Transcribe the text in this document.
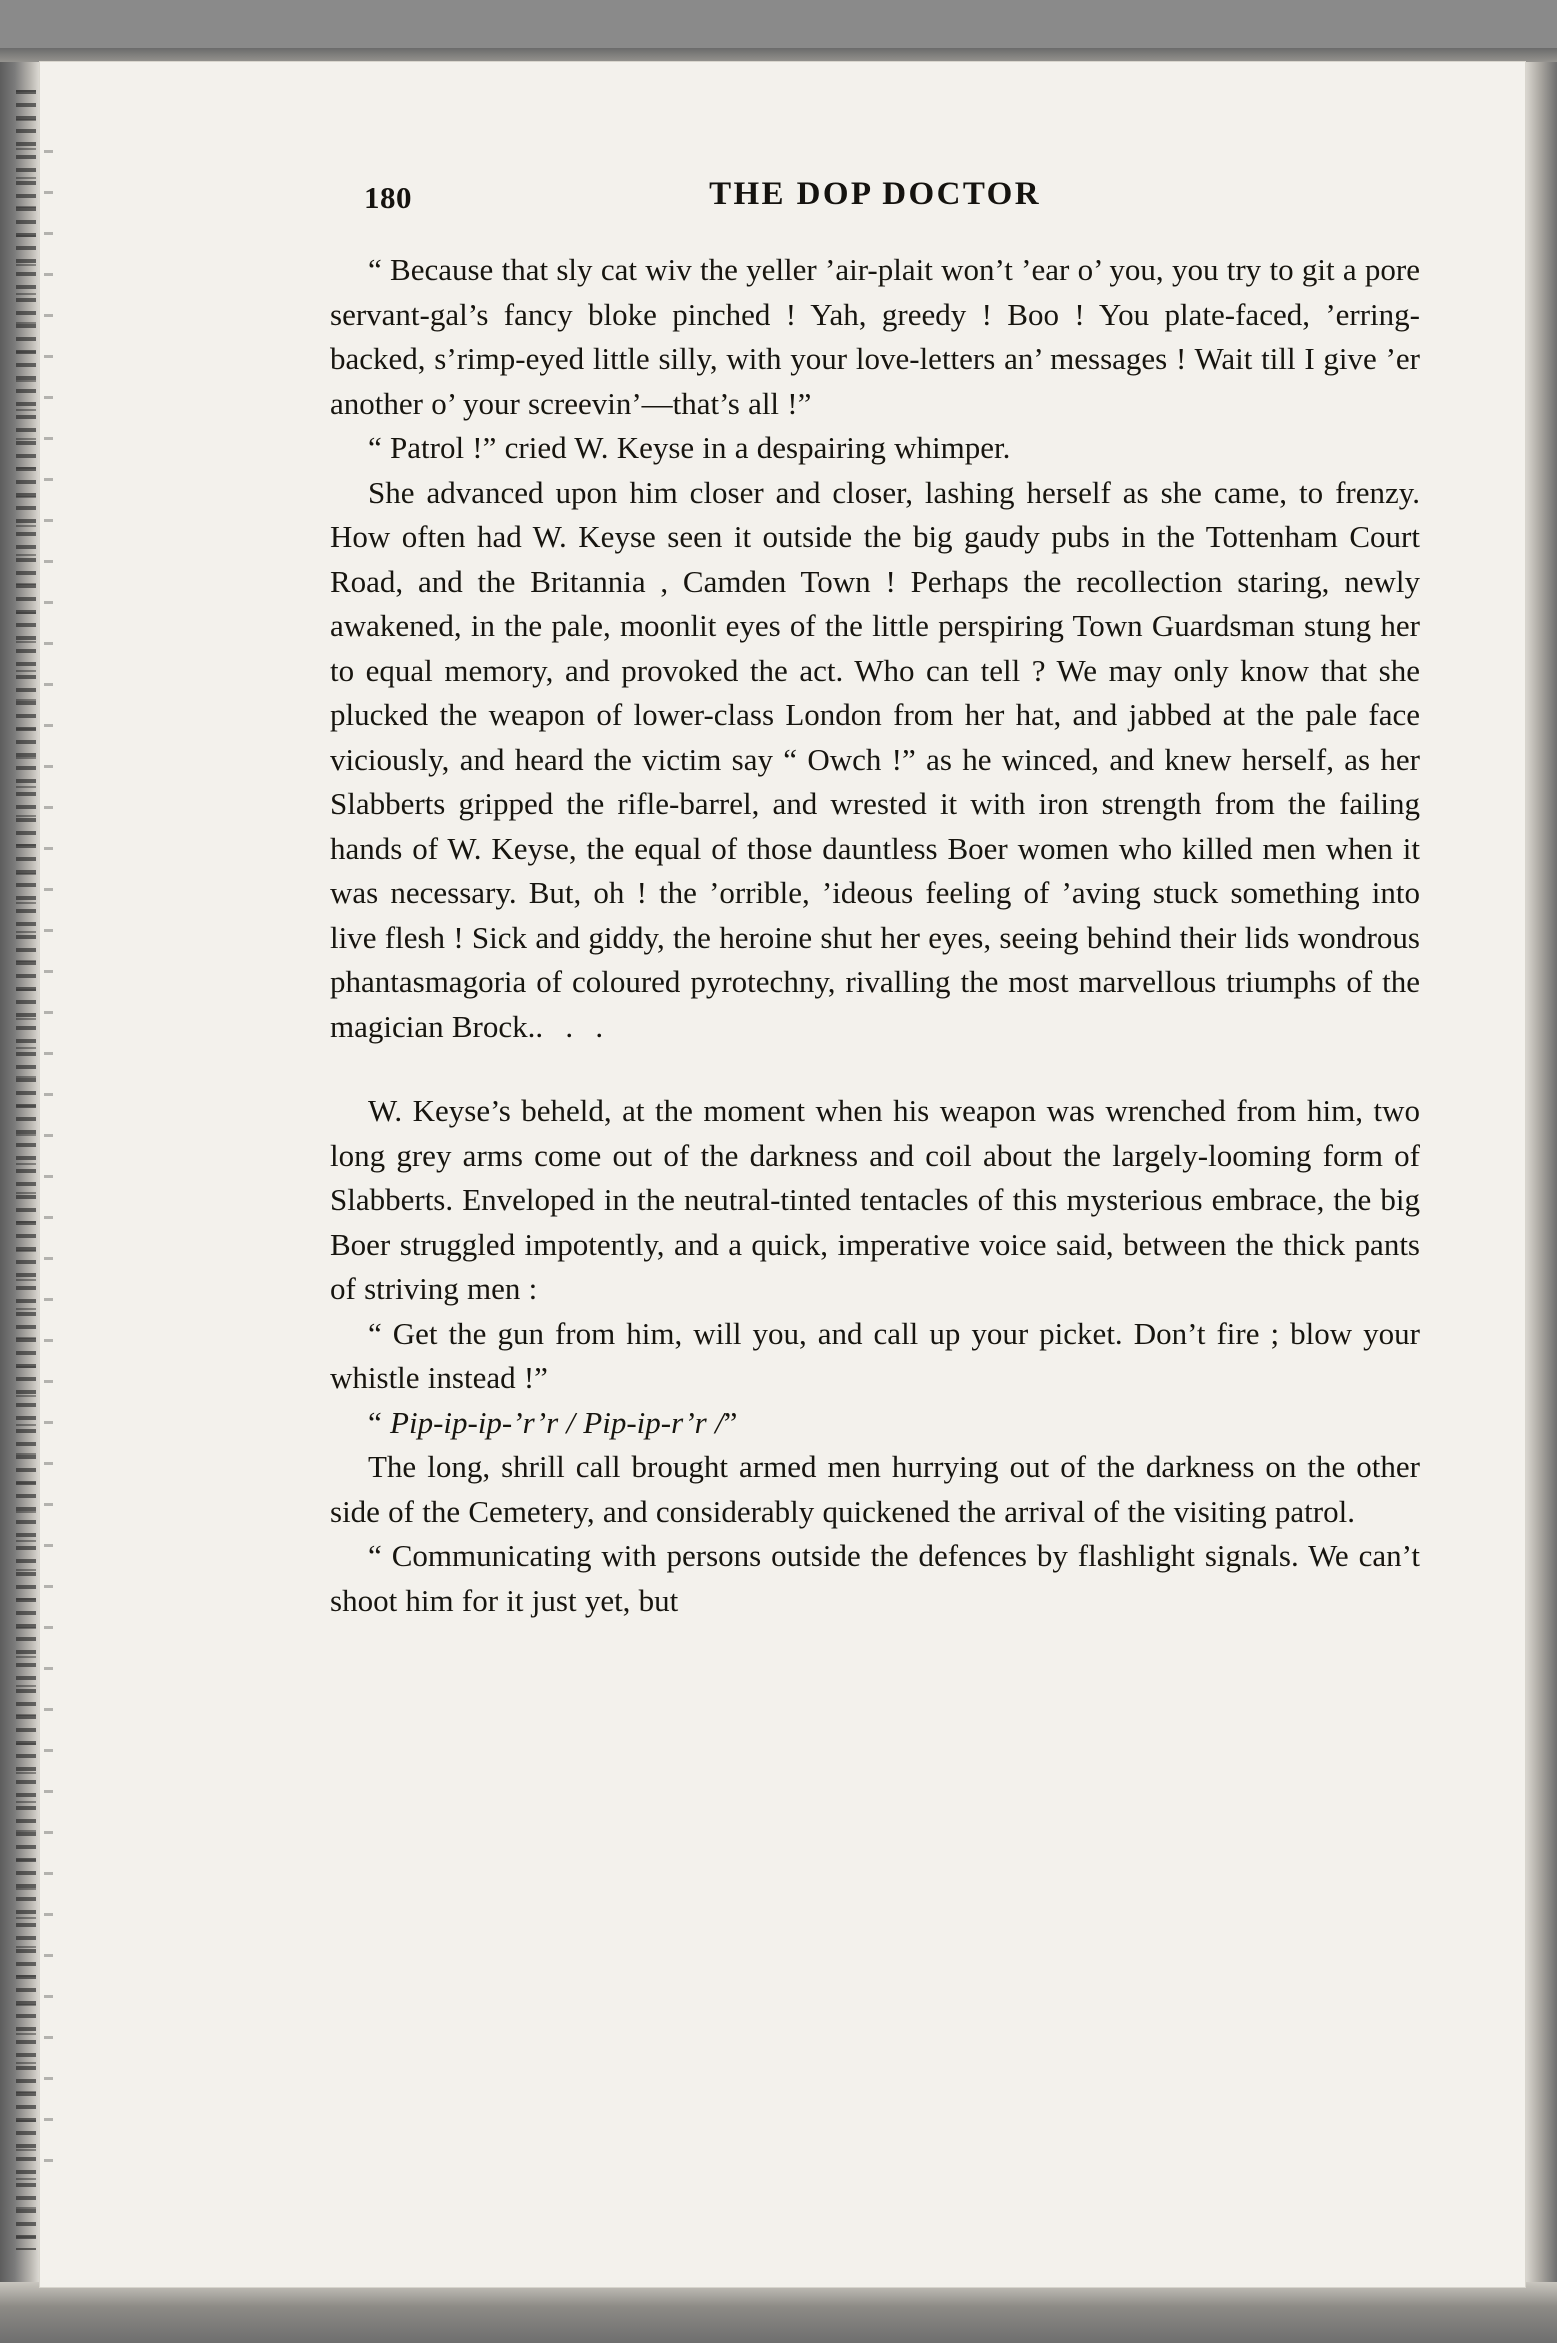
180	THE DOP DOCTOR

“ Because that sly cat wiv the yeller ’air-plait won’t ’ear o’ you, you try to git a pore servant-gal’s fancy bloke pinched ! Yah, greedy ! Boo ! You plate-faced, ’erring-backed, s’rimp-eyed little silly, with your love-letters an’ messages ! Wait till I give ’er another o’ your screevin’—that’s all !”

“ Patrol !” cried W. Keyse in a despairing whimper.

She advanced upon him closer and closer, lashing herself as she came, to frenzy. How often had W. Keyse seen it outside the big gaudy pubs in the Tottenham Court Road, and the Britannia , Camden Town ! Perhaps the recollection staring, newly awakened, in the pale, moonlit eyes of the little perspiring Town Guardsman stung her to equal memory, and provoked the act. Who can tell ? We may only know that she plucked the weapon of lower-class London from her hat, and jabbed at the pale face viciously, and heard the victim say “ Owch !” as he winced, and knew herself, as her Slabberts gripped the rifle-barrel, and wrested it with iron strength from the failing hands of W. Keyse, the equal of those dauntless Boer women who killed men when it was necessary. But, oh ! the ’orrible, ’ideous feeling of ’aving stuck something into live flesh ! Sick and giddy, the heroine shut her eyes, seeing behind their lids wondrous phantasmagoria of coloured pyrotechny, rivalling the most marvellous triumphs of the magician Brock.. . .

W. Keyse’s beheld, at the moment when his weapon was wrenched from him, two long grey arms come out of the darkness and coil about the largely-looming form of Slabberts. Enveloped in the neutral-tinted tentacles of this mysterious embrace, the big Boer struggled impotently, and a quick, imperative voice said, between the thick pants of striving men :

“ Get the gun from him, will you, and call up your picket. Don’t fire ; blow your whistle instead !”

“ Pip-ip-ip-’r’r / Pip-ip-r’r /”

The long, shrill call brought armed men hurrying out of the darkness on the other side of the Cemetery, and considerably quickened the arrival of the visiting patrol.

“ Communicating with persons outside the defences by flashlight signals. We can’t shoot him for it just yet, but
